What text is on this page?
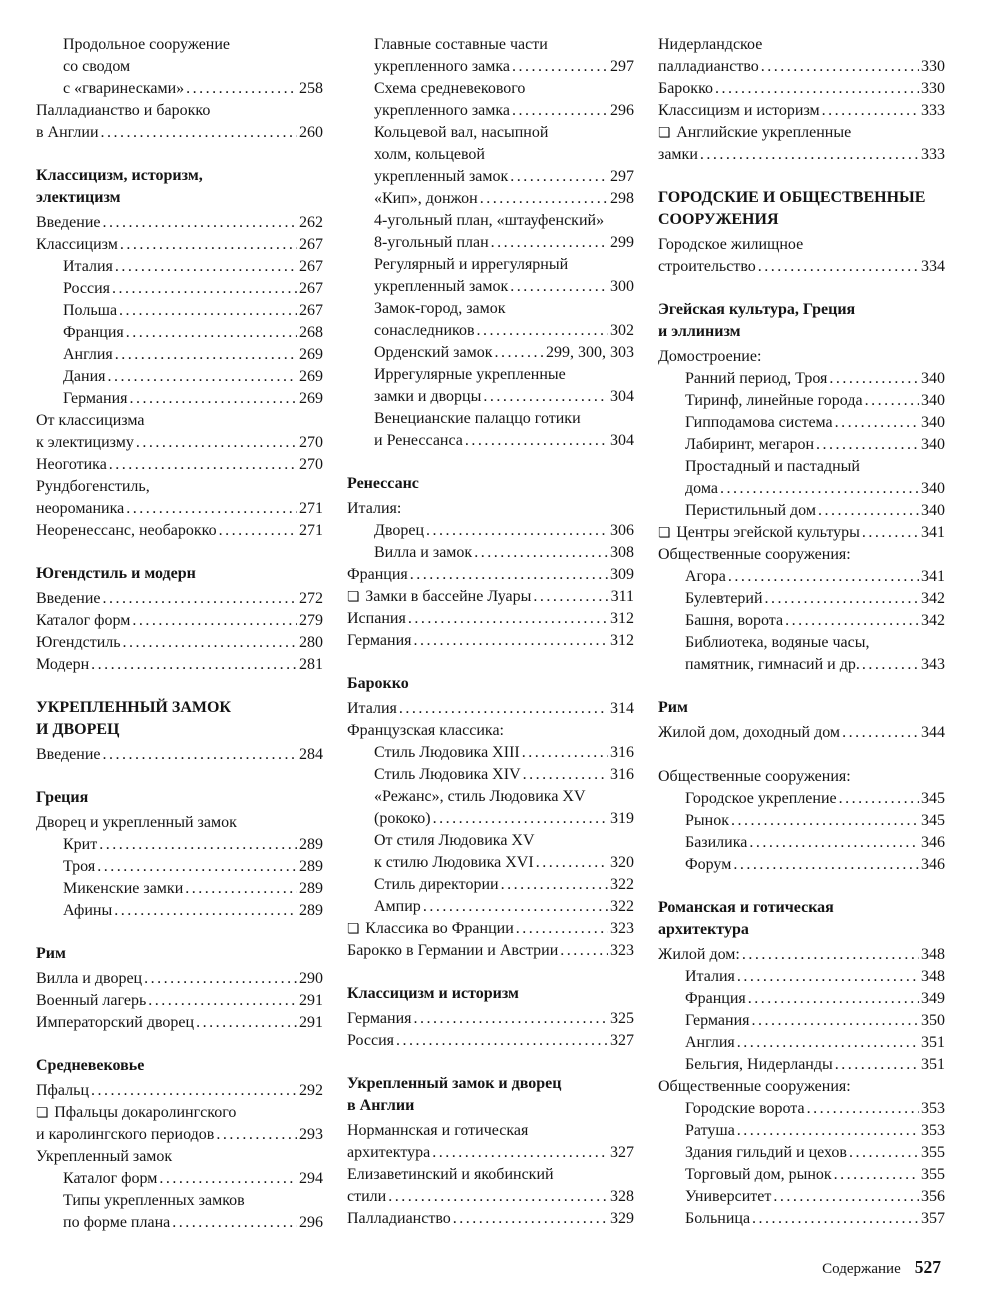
Продольное сооружение
со сводом
с «гваринесками» .....	258
Палладианство и барокко
в Англии .....	260
Классицизм, историзм,
электицизм
Введение .....	262
Классицизм .....	267
Италия .....	267
Россия .....	267
Польша .....	267
Франция .....	268
Англия .....	269
Дания .....	269
Германия .....	269
От классицизма
к электицизму .....	270
Неоготика .....	270
Рундбогенстиль,
неороманика .....	271
Неоренессанс, необарокко .....	271
Югендстиль и модерн
Введение .....	272
Каталог форм .....	279
Югендстиль .....	280
Модерн .....	281
УКРЕПЛЕННЫЙ ЗАМОК
И ДВОРЕЦ
Введение .....	284
Греция
Дворец и укрепленный замок
Крит .....	289
Троя .....	289
Микенские замки .....	289
Афины .....	289
Рим
Вилла и дворец .....	290
Военный лагерь .....	291
Императорский дворец .....	291
Средневековье
Пфальц .....	292
❏ Пфальцы докаролингского
и каролингского периодов .....	293
Укрепленный замок
Каталог форм .....	294
Типы укрепленных замков
по форме плана .....	296
Главные составные части
укрепленного замка .....	297
Схема средневекового
укрепленного замка .....	296
Кольцевой вал, насыпной
холм, кольцевой
укрепленный замок .....	297
«Кип», донжон .....	298
4-угольный план, «штауфенский»
8-угольный план .....	299
Регулярный и иррегулярный
укрепленный замок .....	300
Замок-город, замок
сонаследников .....	302
Орденский замок .....	299, 300, 303
Иррегулярные укрепленные
замки и дворцы .....	304
Венецианские палаццо готики
и Ренессанса .....	304
Ренессанс
Италия:
Дворец .....	306
Вилла и замок .....	308
Франция .....	309
❏ Замки в бассейне Луары .....	311
Испания .....	312
Германия .....	312
Барокко
Италия .....	314
Французская классика:
Стиль Людовика XIII .....	316
Стиль Людовика XIV .....	316
«Режанс», стиль Людовика XV
(рококо) .....	319
От стиля Людовика XV
к стилю Людовика XVI .....	320
Стиль директории .....	322
Ампир .....	322
❏ Классика во Франции .....	323
Барокко в Германии и Австрии .....	323
Классицизм и историзм
Германия .....	325
Россия .....	327
Укрепленный замок и дворец
в Англии
Норманнская и готическая
архитектура .....	327
Елизаветинский и якобинский
стили .....	328
Палладианство .....	329
Нидерландское
палладианство .....	330
Барокко .....	330
Классицизм и историзм .....	333
❏ Английские укрепленные
замки .....	333
ГОРОДСКИЕ И ОБЩЕСТВЕННЫЕ
СООРУЖЕНИЯ
Городское жилищное
строительство .....	334
Эгейская культура, Греция
и эллинизм
Домостроение:
Ранний период, Троя .....	340
Тиринф, линейные города .....	340
Гипподамова система .....	340
Лабиринт, мегарон .....	340
Простадный и пастадный
дома .....	340
Перистильный дом .....	340
❏ Центры эгейской культуры .....	341
Общественные сооружения:
Агора .....	341
Булевтерий .....	342
Башня, ворота .....	342
Библиотека, водяные часы,
памятник, гимнасий и др. .....	343
Рим
Жилой дом, доходный дом .....	344
Общественные сооружения:
Городское укрепление .....	345
Рынок .....	345
Базилика .....	346
Форум .....	346
Романская и готическая
архитектура
Жилой дом: .....	348
Италия .....	348
Франция .....	349
Германия .....	350
Англия .....	351
Бельгия, Нидерланды .....	351
Общественные сооружения:
Городские ворота .....	353
Ратуша .....	353
Здания гильдий и цехов .....	355
Торговый дом, рынок .....	355
Университет .....	356
Больница .....	357
Содержание 527
